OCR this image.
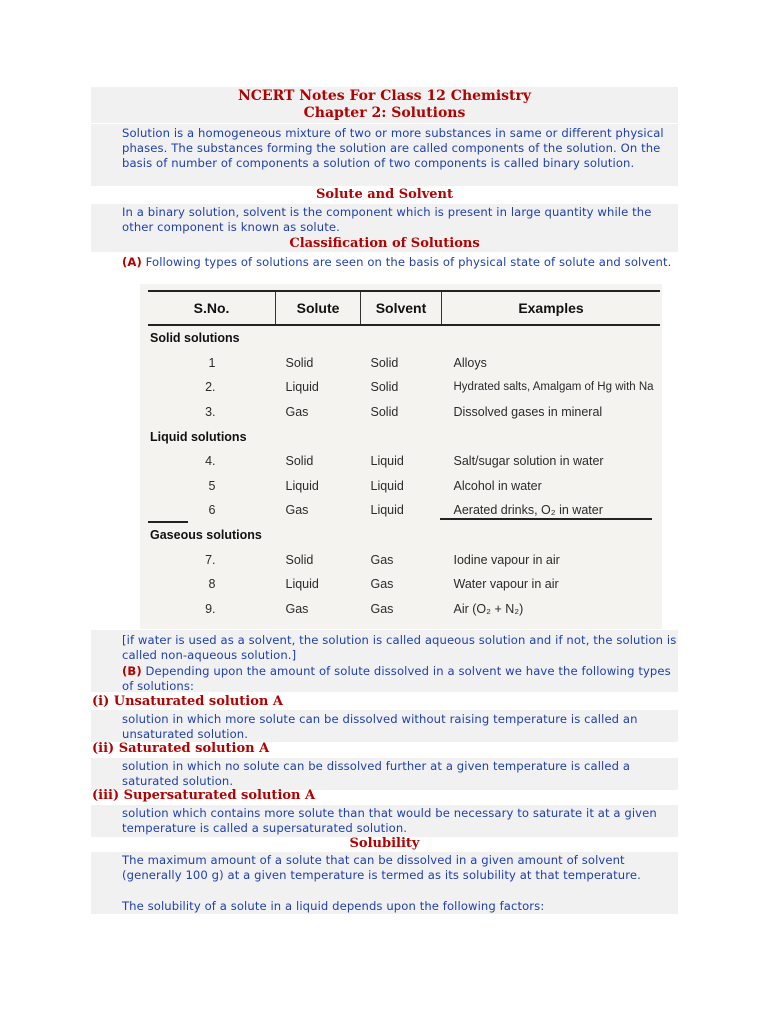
NCERT Notes For Class 12 Chemistry
Chapter 2: Solutions
Solution is a homogeneous mixture of two or more substances in same or different physical phases. The substances forming the solution are called components of the solution. On the basis of number of components a solution of two components is called binary solution.
Solute and Solvent
In a binary solution, solvent is the component which is present in large quantity while the other component is known as solute.
Classification of Solutions
(A) Following types of solutions are seen on the basis of physical state of solute and solvent.
S.No.	Solute	Solvent	Examples
Solid solutions			
1	Solid	Solid	Alloys
2.	Liquid	Solid	Hydrated salts, Amalgam of Hg with Na
3.	Gas	Solid	Dissolved gases in mineral
Liquid solutions			
4.	Solid	Liquid	Salt/sugar solution in water
5	Liquid	Liquid	Alcohol in water
6	Gas	Liquid	Aerated drinks, O₂ in water
Gaseous solutions			
7.	Solid	Gas	Iodine vapour in air
8	Liquid	Gas	Water vapour in air
9.	Gas	Gas	Air (O₂ + N₂)
[if water is used as a solvent, the solution is called aqueous solution and if not, the solution is called non-aqueous solution.]
(B) Depending upon the amount of solute dissolved in a solvent we have the following types of solutions:
(i) Unsaturated solution A
solution in which more solute can be dissolved without raising temperature is called an unsaturated solution.
(ii) Saturated solution A
solution in which no solute can be dissolved further at a given temperature is called a saturated solution.
(iii) Supersaturated solution A
solution which contains more solute than that would be necessary to saturate it at a given temperature is called a supersaturated solution.
Solubility
The maximum amount of a solute that can be dissolved in a given amount of solvent (generally 100 g) at a given temperature is termed as its solubility at that temperature.
The solubility of a solute in a liquid depends upon the following factors:
